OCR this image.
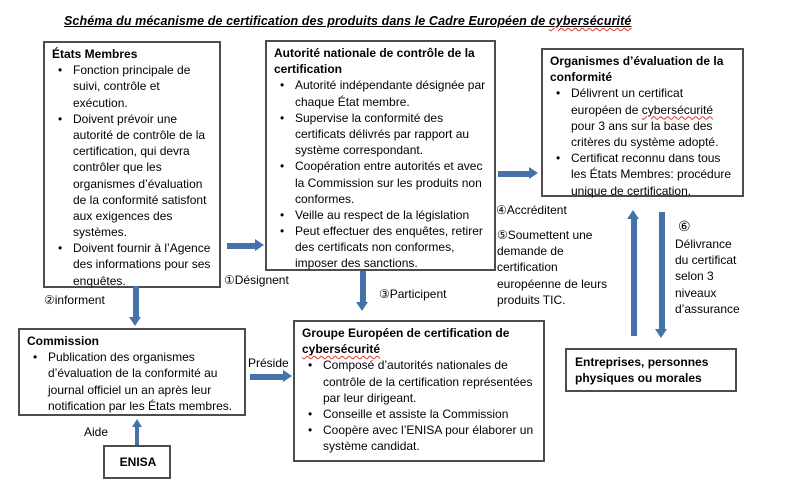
Schéma du mécanisme de certification des produits dans le Cadre Européen de cybersécurité
États Membres
• Fonction principale de suivi, contrôle et exécution.
• Doivent prévoir une autorité de contrôle de la certification, qui devra contrôler que les organismes d’évaluation de la conformité satisfont aux exigences des systèmes.
• Doivent fournir à l’Agence des informations pour ses enquêtes.
Autorité nationale de contrôle de la certification
• Autorité indépendante désignée par chaque État membre.
• Supervise la conformité des certificats délivrés par rapport au système correspondant.
• Coopération entre autorités et avec la Commission sur les produits non conformes.
• Veille au respect de la législation
• Peut effectuer des enquêtes, retirer des certificats non conformes, imposer des sanctions.
Organismes d’évaluation de la conformité
• Délivrent un certificat européen de cybersécurité pour 3 ans sur la base des critères du système adopté.
• Certificat reconnu dans tous les États Membres: procédure unique de certification.
Commission
• Publication des organismes d’évaluation de la conformité au journal officiel un an après leur notification par les États membres.
Groupe Européen de certification de cybersécurité
• Composé d’autorités nationales de contrôle de la certification représentées par leur dirigeant.
• Conseille et assiste la Commission
• Coopère avec l’ENISA pour élaborer un système candidat.
Entreprises, personnes physiques ou morales
ENISA
①Désignent
②informent	③Participent
④Accréditent
⑤Soumettent une demande de certification européenne de leurs produits TIC.
⑥
Délivrance du certificat selon 3 niveaux d’assurance
Préside
Aide
